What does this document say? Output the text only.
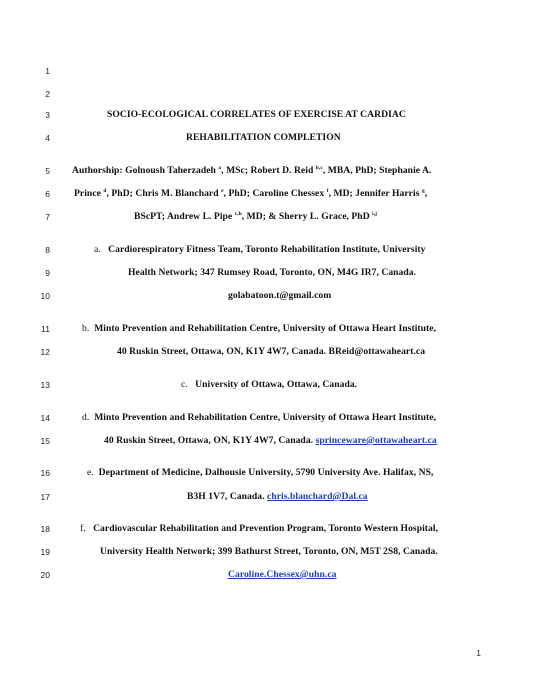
1
2
3
4
5
6
7
8
9
10
11
12
13
14
15
16
17
18
19
20
SOCIO-ECOLOGICAL CORRELATES OF EXERCISE AT CARDIAC
REHABILITATION COMPLETION
Authorship: Golnoush Taherzadeh $^a$, MSc; Robert D. Reid $^{b,c}$, MBA, PhD; Stephanie A.
Prince $^d$, PhD; Chris M. Blanchard $^e$, PhD; Caroline Chessex $^f$, MD; Jennifer Harris $^g$,
BScPT; Andrew L. Pipe $^{c,h}$, MD; & Sherry L. Grace, PhD $^{i,j}$
a. Cardiorespiratory Fitness Team, Toronto Rehabilitation Institute, University
Health Network; 347 Rumsey Road, Toronto, ON, M4G IR7, Canada.
golabatoon.t@gmail.com
b. Minto Prevention and Rehabilitation Centre, University of Ottawa Heart Institute,
40 Ruskin Street, Ottawa, ON, K1Y 4W7, Canada. BReid@ottawaheart.ca
c. University of Ottawa, Ottawa, Canada.
d. Minto Prevention and Rehabilitation Centre, University of Ottawa Heart Institute,
40 Ruskin Street, Ottawa, ON, K1Y 4W7, Canada. sprinceware@ottawaheart.ca
e. Department of Medicine, Dalhousie University, 5790 University Ave. Halifax, NS,
B3H 1V7, Canada. chris.blanchard@Dal.ca
f. Cardiovascular Rehabilitation and Prevention Program, Toronto Western Hospital,
University Health Network; 399 Bathurst Street, Toronto, ON, M5T 2S8, Canada.
Caroline.Chessex@uhn.ca
1
